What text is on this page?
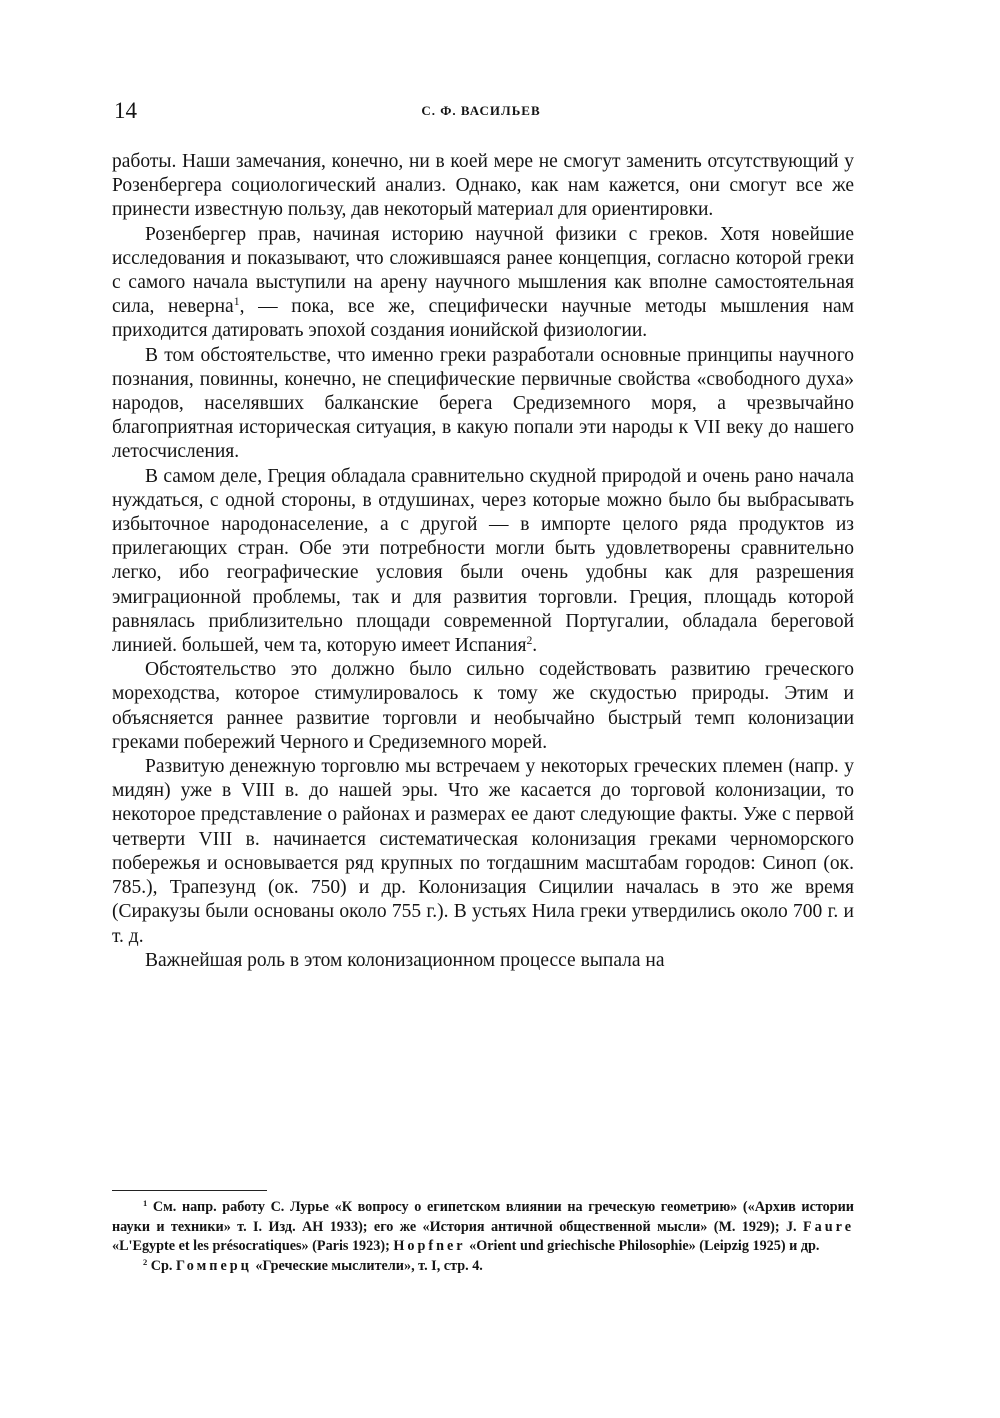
14	С. Ф. ВАСИЛЬЕВ

работы. Наши замечания, конечно, ни в коей мере не смогут заменить отсутствующий у Розенбергера социологический анализ. Однако, как нам кажется, они смогут все же принести известную пользу, дав некоторый материал для ориентировки.

Розенбергер прав, начиная историю научной физики с греков. Хотя новейшие исследования и показывают, что сложившаяся ранее концепция, согласно которой греки с самого начала выступили на арену научного мышления как вполне самостоятельная сила, неверна$^1$, — пока, все же, специфически научные методы мышления нам приходится датировать эпохой создания ионийской физиологии.

В том обстоятельстве, что именно греки разработали основные принципы научного познания, повинны, конечно, не специфические первичные свойства «свободного духа» народов, населявших балканские берега Средиземного моря, а чрезвычайно благоприятная историческая ситуация, в какую попали эти народы к VII веку до нашего летосчисления.

В самом деле, Греция обладала сравнительно скудной природой и очень рано начала нуждаться, с одной стороны, в отдушинах, через которые можно было бы выбрасывать избыточное народонаселение, а с другой — в импорте целого ряда продуктов из прилегающих стран. Обе эти потребности могли быть удовлетворены сравнительно легко, ибо географические условия были очень удобны как для разрешения эмиграционной проблемы, так и для развития торговли. Греция, площадь которой равнялась приблизительно площади современной Португалии, обладала береговой линией. большей, чем та, которую имеет Испания$^2$.

Обстоятельство это должно было сильно содействовать развитию греческого мореходства, которое стимулировалось к тому же скудостью природы. Этим и объясняется раннее развитие торговли и необычайно быстрый темп колонизации греками побережий Черного и Средиземного морей.

Развитую денежную торговлю мы встречаем у некоторых греческих племен (напр. у мидян) уже в VIII в. до нашей эры. Что же касается до торговой колонизации, то некоторое представление о районах и размерах ее дают следующие факты. Уже с первой четверти VIII в. начинается систематическая колонизация греками черноморского побережья и основывается ряд крупных по тогдашним масштабам городов: Синоп (ок. 785.), Трапезунд (ок. 750) и др. Колонизация Сицилии началась в это же время (Сиракузы были основаны около 755 г.). В устьях Нила греки утвердились около 700 г. и т. д.

Важнейшая роль в этом колонизационном процессе выпала на

$^1$ См. напр. работу С. Лурье «К вопросу о египетском влиянии на греческую геометрию» («Архив истории науки и техники» т. I. Изд. АН 1933); его же «История античной общественной мысли» (М. 1929); J. Faure «L'Egypte et les présocratiques» (Paris 1923); Hopfner «Orient und griechische Philosophie» (Leipzig 1925) и др.

$^2$ Ср. Гомперц «Греческие мыслители», т. I, стр. 4.
